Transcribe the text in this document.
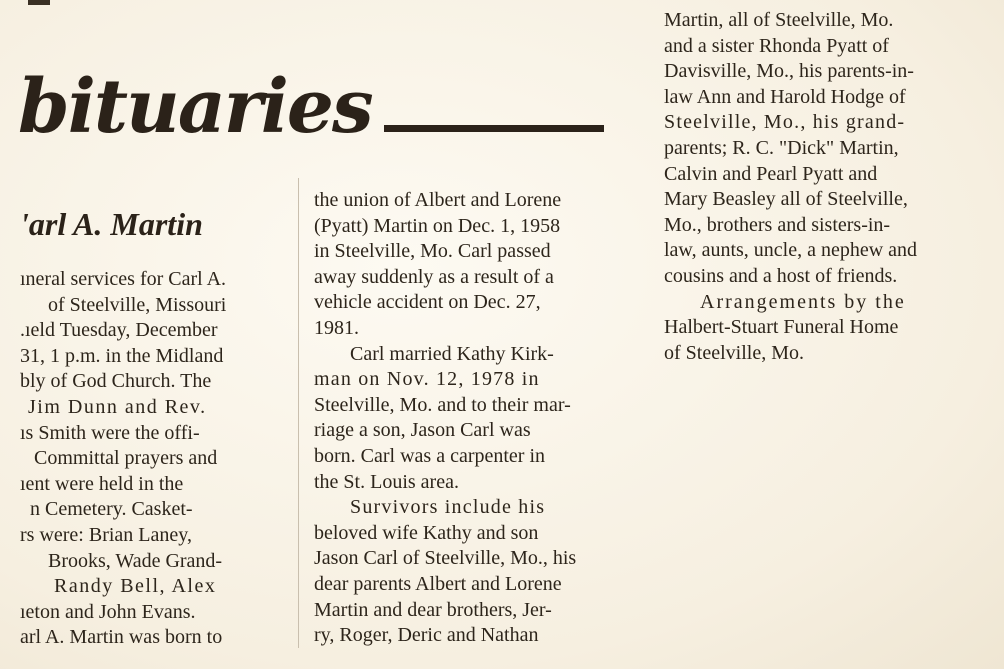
bituaries
'arl A. Martin
ıneral services for Carl A.
of Steelville, Missouri
.ıeld Tuesday, December
31, 1 p.m. in the Midland
bly of God Church. The
Jim Dunn and Rev.
ıs Smith were the offi-
Committal prayers and
ıent were held in the
n Cemetery. Casket-
rs were: Brian Laney,
Brooks, Wade Grand-
Randy Bell, Alex
ıeton and John Evans.
arl A. Martin was born to
the union of Albert and Lorene
(Pyatt) Martin on Dec. 1, 1958
in Steelville, Mo. Carl passed
away suddenly as a result of a
vehicle accident on Dec. 27,
1981.
Carl married Kathy Kirk-
man on Nov. 12, 1978 in
Steelville, Mo. and to their mar-
riage a son, Jason Carl was
born. Carl was a carpenter in
the St. Louis area.
Survivors include his
beloved wife Kathy and son
Jason Carl of Steelville, Mo., his
dear parents Albert and Lorene
Martin and dear brothers, Jer-
ry, Roger, Deric and Nathan
Martin, all of Steelville, Mo.
and a sister Rhonda Pyatt of
Davisville, Mo., his parents-in-
law Ann and Harold Hodge of
Steelville, Mo., his grand-
parents; R. C. "Dick" Martin,
Calvin and Pearl Pyatt and
Mary Beasley all of Steelville,
Mo., brothers and sisters-in-
law, aunts, uncle, a nephew and
cousins and a host of friends.
Arrangements by the
Halbert-Stuart Funeral Home
of Steelville, Mo.
